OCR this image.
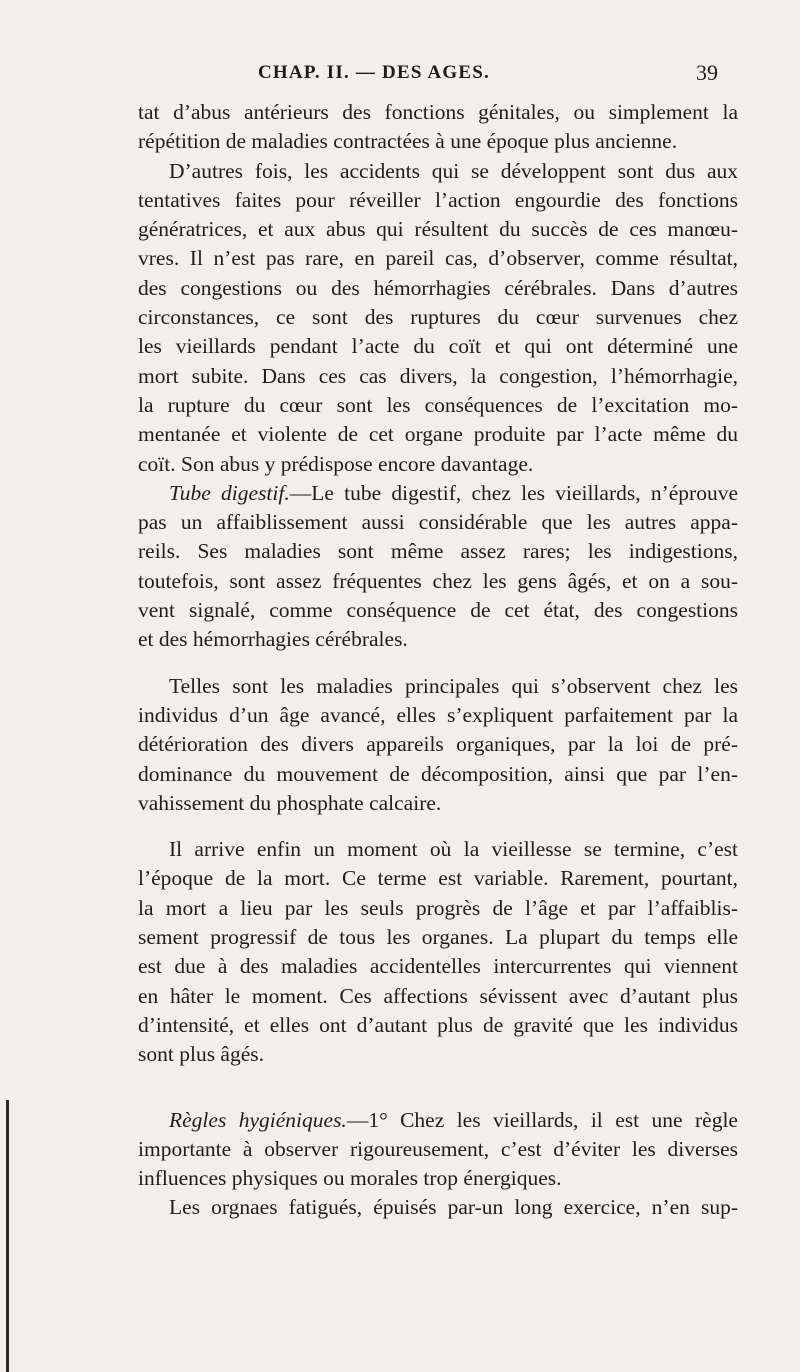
CHAP. II. — DES AGES.	39

tat d’abus antérieurs des fonctions génitales, ou simplement la
répétition de maladies contractées à une époque plus ancienne.

D’autres fois, les accidents qui se développent sont dus aux
tentatives faites pour réveiller l’action engourdie des fonctions
génératrices, et aux abus qui résultent du succès de ces manœu-
vres. Il n’est pas rare, en pareil cas, d’observer, comme résultat,
des congestions ou des hémorrhagies cérébrales. Dans d’autres
circonstances, ce sont des ruptures du cœur survenues chez
les vieillards pendant l’acte du coït et qui ont déterminé une
mort subite. Dans ces cas divers, la congestion, l’hémorrhagie,
la rupture du cœur sont les conséquences de l’excitation mo-
mentanée et violente de cet organe produite par l’acte même du
coït. Son abus y prédispose encore davantage.

Tube digestif.—Le tube digestif, chez les vieillards, n’éprouve
pas un affaiblissement aussi considérable que les autres appa-
reils. Ses maladies sont même assez rares; les indigestions,
toutefois, sont assez fréquentes chez les gens âgés, et on a sou-
vent signalé, comme conséquence de cet état, des congestions
et des hémorrhagies cérébrales.

Telles sont les maladies principales qui s’observent chez les
individus d’un âge avancé, elles s’expliquent parfaitement par la
détérioration des divers appareils organiques, par la loi de pré-
dominance du mouvement de décomposition, ainsi que par l’en-
vahissement du phosphate calcaire.

Il arrive enfin un moment où la vieillesse se termine, c’est
l’époque de la mort. Ce terme est variable. Rarement, pourtant,
la mort a lieu par les seuls progrès de l’âge et par l’affaiblis-
sement progressif de tous les organes. La plupart du temps elle
est due à des maladies accidentelles intercurrentes qui viennent
en hâter le moment. Ces affections sévissent avec d’autant plus
d’intensité, et elles ont d’autant plus de gravité que les individus
sont plus âgés.

Règles hygiéniques.—1° Chez les vieillards, il est une règle
importante à observer rigoureusement, c’est d’éviter les diverses
influences physiques ou morales trop énergiques.

Les orgnaes fatigués, épuisés par-un long exercice, n’en sup-
